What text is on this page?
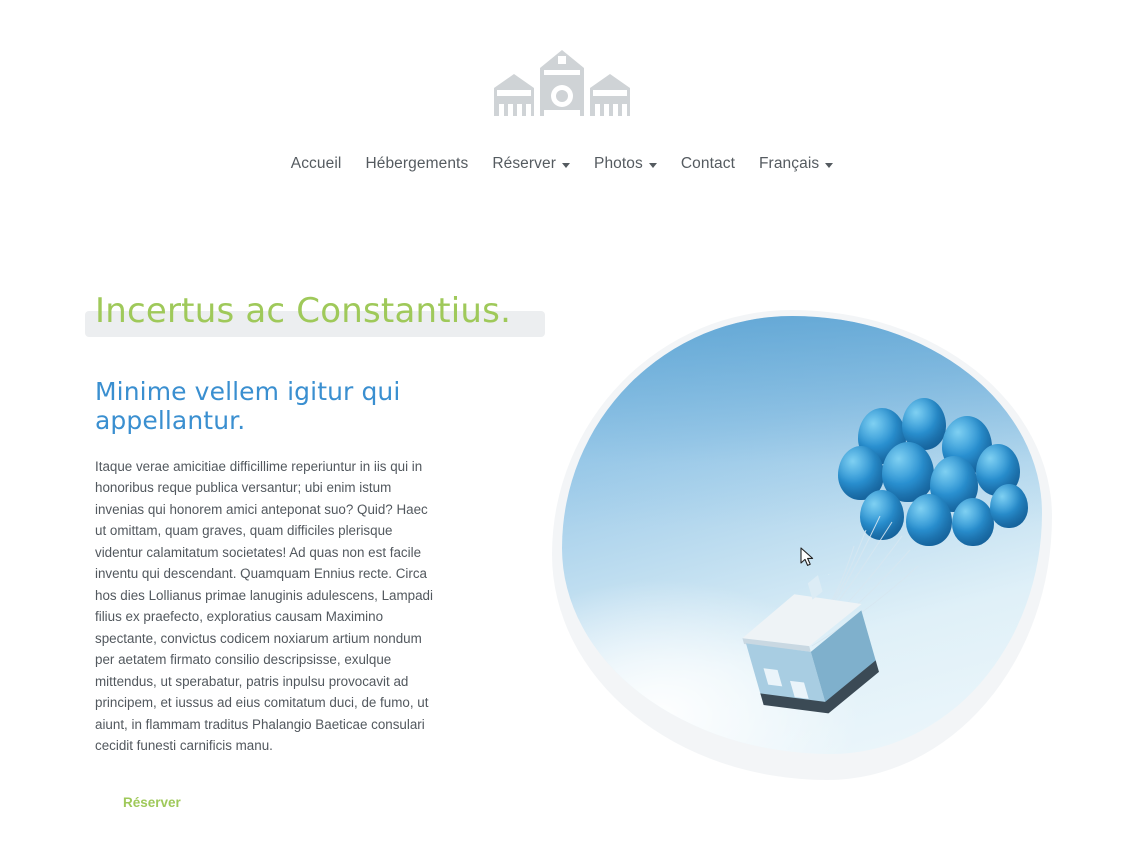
Accueil Hébergements Réserver Photos Contact Français
Incertus ac Constantius.
Minime vellem igitur qui appellantur.

Itaque verae amicitiae difficillime reperiuntur in iis qui in honoribus reque publica versantur; ubi enim istum invenias qui honorem amici anteponat suo? Quid? Haec ut omittam, quam graves, quam difficiles plerisque videntur calamitatum societates! Ad quas non est facile inventu qui descendant. Quamquam Ennius recte. Circa hos dies Lollianus primae lanuginis adulescens, Lampadi filius ex praefecto, exploratius causam Maximino spectante, convictus codicem noxiarum artium nondum per aetatem firmato consilio descripsisse, exulque mittendus, ut sperabatur, patris inpulsu provocavit ad principem, et iussus ad eius comitatum duci, de fumo, ut aiunt, in flammam traditus Phalangio Baeticae consulari cecidit funesti carnificis manu.

Réserver
